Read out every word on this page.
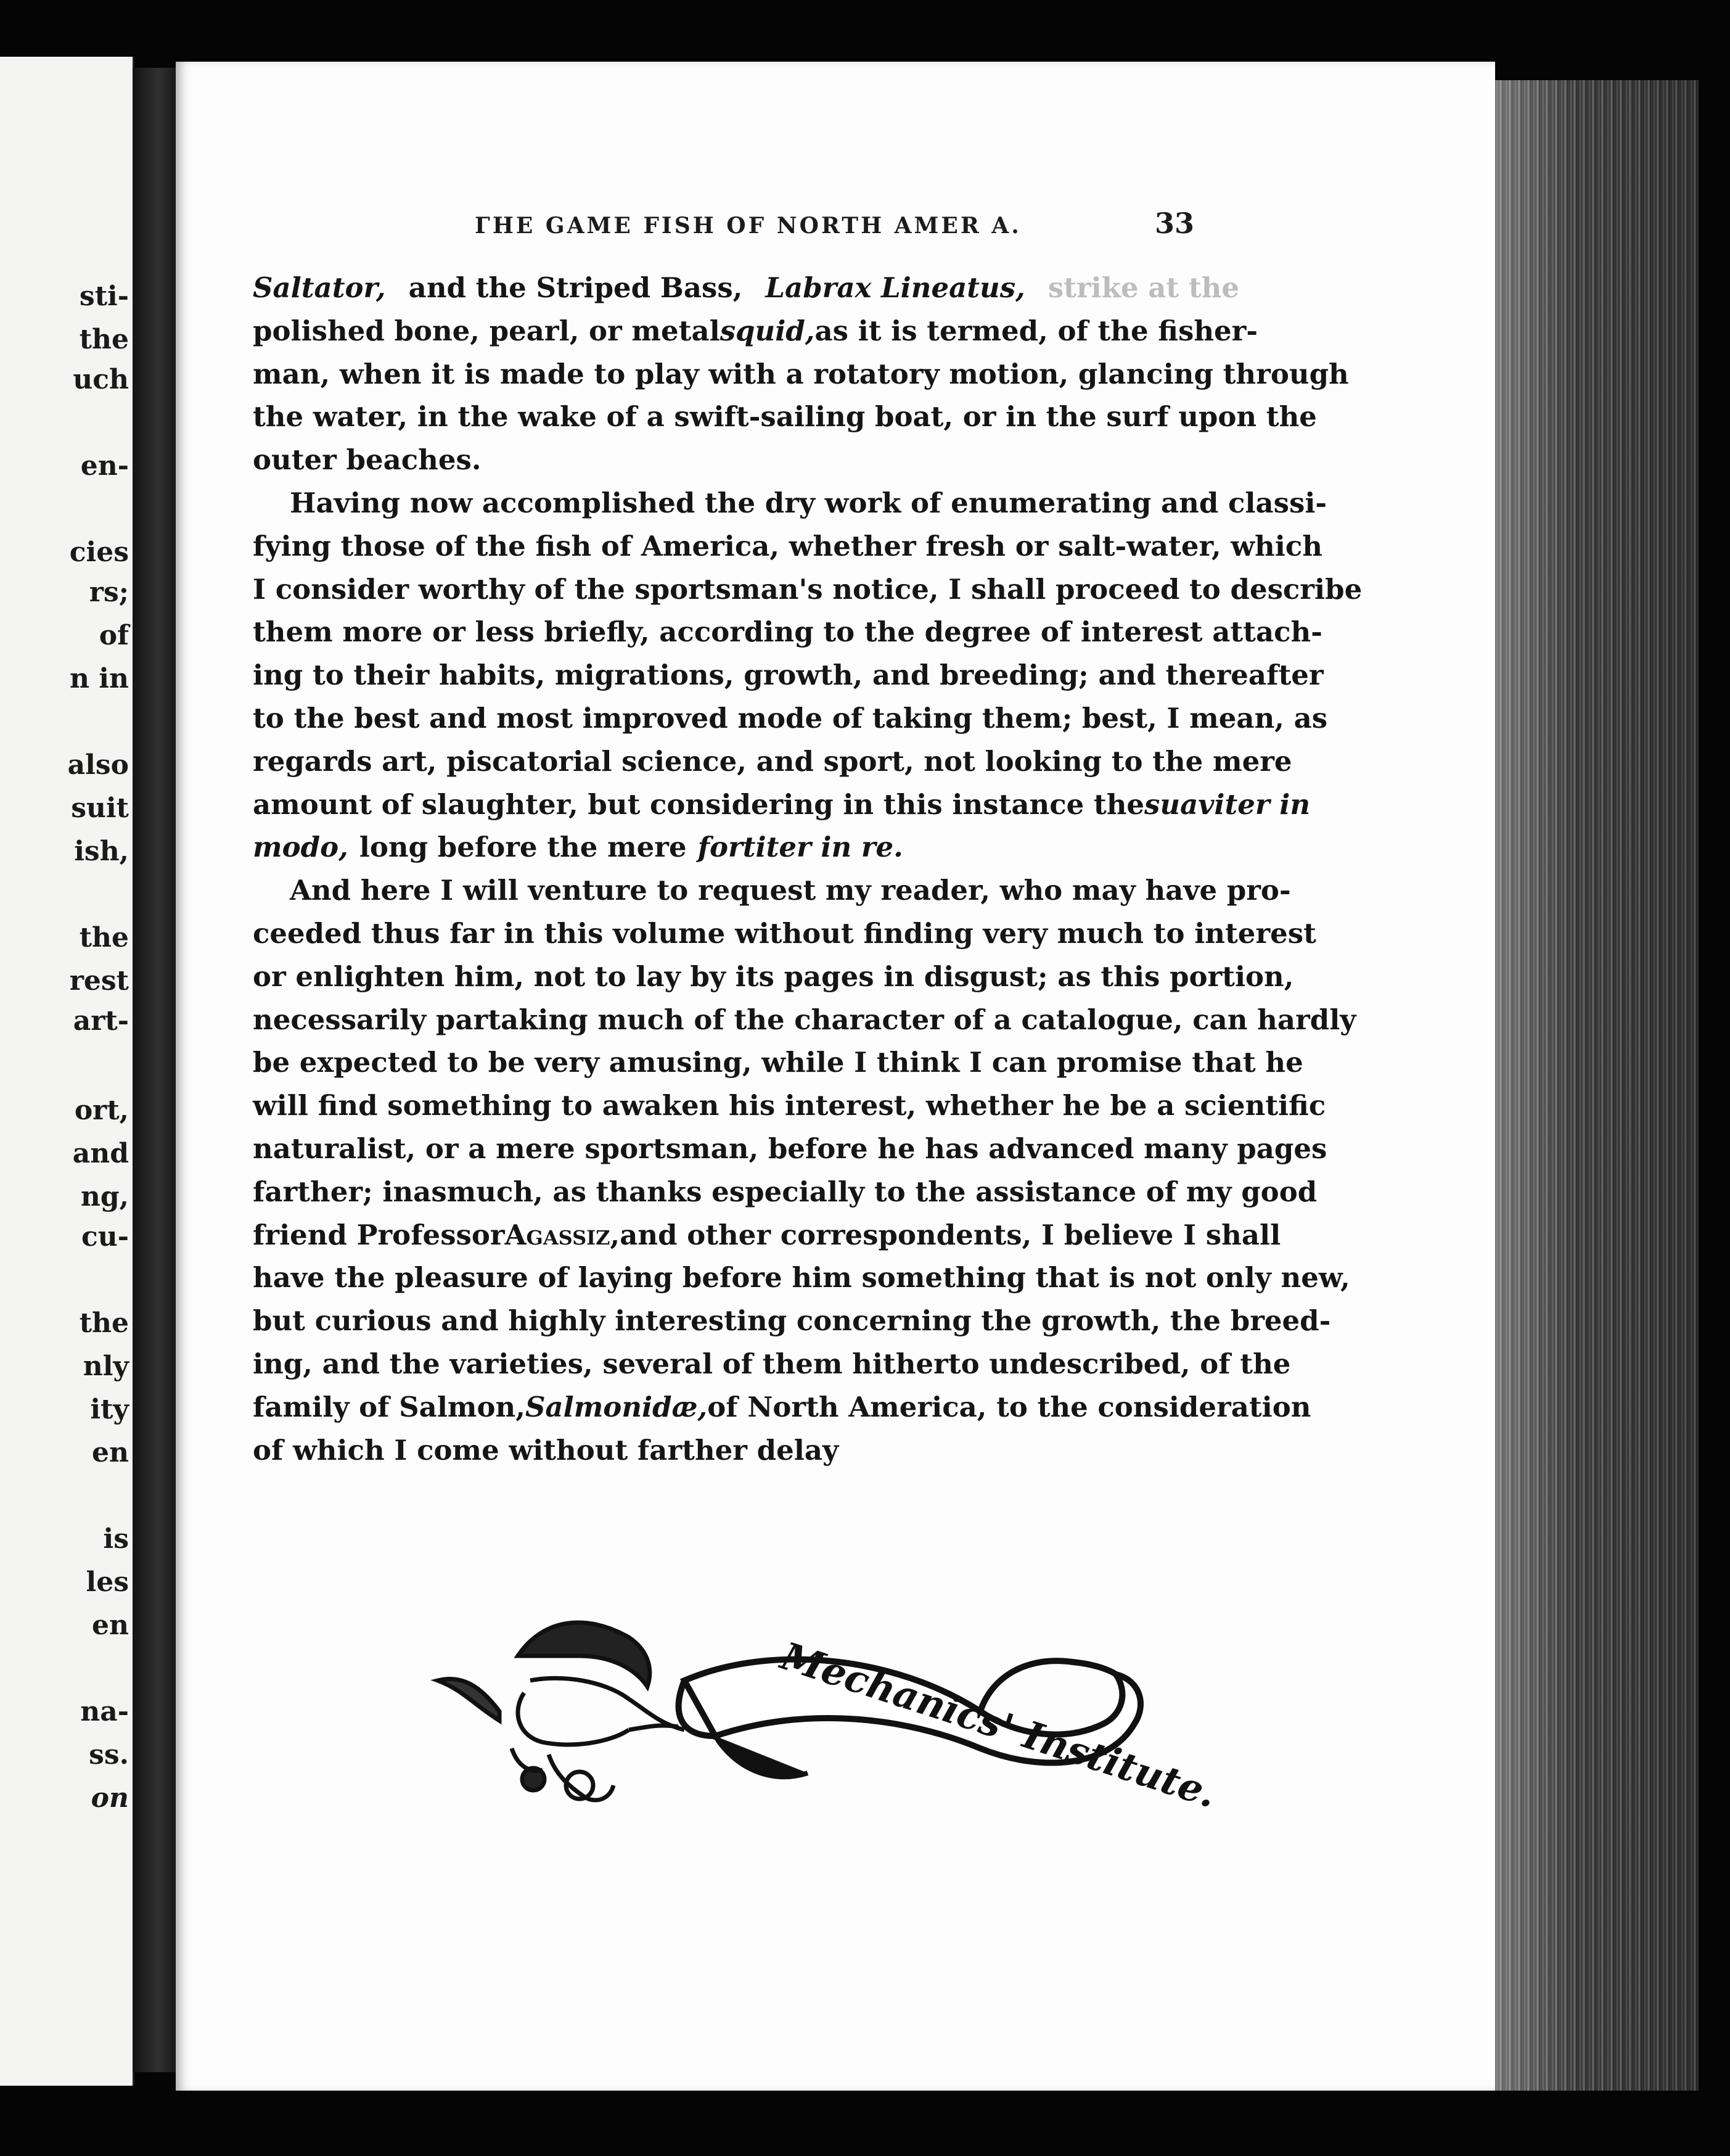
sti-
the
uch
en-
cies
rs;
of
n in
also
suit
ish,
the
rest
art-
ort,
and
ng,
cu-
the
nly
ity
en
is
les
en
na-
ss.
on
ГHE GAME FISH OF NORTH AMER A.	33
Saltator, and the Striped Bass, Labrax Lineatus, strike at the
polished bone, pearl, or metal squid, as it is termed, of the fisher-
man, when it is made to play with a rotatory motion, glancing through
the water, in the wake of a swift-sailing boat, or in the surf upon the
outer beaches.
Having now accomplished the dry work of enumerating and classi-
fying those of the fish of America, whether fresh or salt-water, which
I consider worthy of the sportsman's notice, I shall proceed to describe
them more or less briefly, according to the degree of interest attach-
ing to their habits, migrations, growth, and breeding; and thereafter
to the best and most improved mode of taking them; best, I mean, as
regards art, piscatorial science, and sport, not looking to the mere
amount of slaughter, but considering in this instance the suaviter in
modo, long before the mere fortiter in re.
And here I will venture to request my reader, who may have pro-
ceeded thus far in this volume without finding very much to interest
or enlighten him, not to lay by its pages in disgust; as this portion,
necessarily partaking much of the character of a catalogue, can hardly
be expected to be very amusing, while I think I can promise that he
will find something to awaken his interest, whether he be a scientific
naturalist, or a mere sportsman, before he has advanced many pages
farther; inasmuch, as thanks especially to the assistance of my good
friend Professor Agassiz, and other correspondents, I believe I shall
have the pleasure of laying before him something that is not only new,
but curious and highly interesting concerning the growth, the breed-
ing, and the varieties, several of them hitherto undescribed, of the
family of Salmon, Salmonidæ, of North America, to the consideration
of which I come without farther delay
Mechanics' Institute.
